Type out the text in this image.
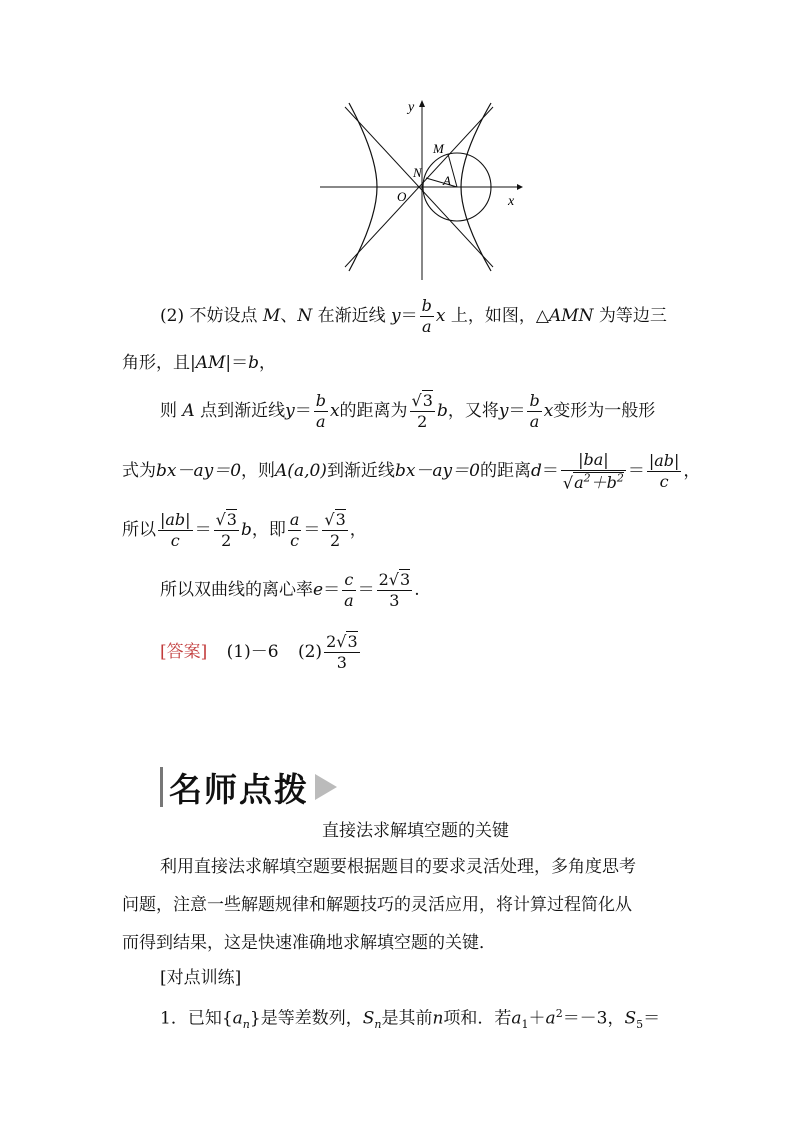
y
x
M
N
A
O
(2) 不妨设点 M、N 在渐近线 $y= \frac{b}{a}$ x 上，如图，△AMN 为等边三
角形，且|AM|＝b，
则 A 点到渐近线$y= \frac{b}{a}$ x的距离为 $\frac{√3}{2}$ b，又将$y= \frac{b}{a}$ x变形为一般形
式为bx－ay＝0，则A(a,0)到渐近线bx－ay＝0的距离$d= \frac{|ba|}{√a^2+b^2} = \frac{|ab|}{c}$ ，
所以 $\frac{|ab|}{c} = \frac{√3}{2}$ b，即 $\frac{a}{c} = \frac{√3}{2}$ ，
所以双曲线的离心率$e= \frac{c}{a} = \frac{2√3}{3}$ .
[答案] (1)－6 $(2) \frac{2√3}{3}$
名师点拨
直接法求解填空题的关键
利用直接法求解填空题要根据题目的要求灵活处理，多角度思考
问题，注意一些解题规律和解题技巧的灵活应用，将计算过程简化从
而得到结果，这是快速准确地求解填空题的关键．
[对点训练]
1．已知$\{a_n\}$是等差数列，$S_n$是其前n项和．若$a_1+a^2=-3$，$S_5=$
